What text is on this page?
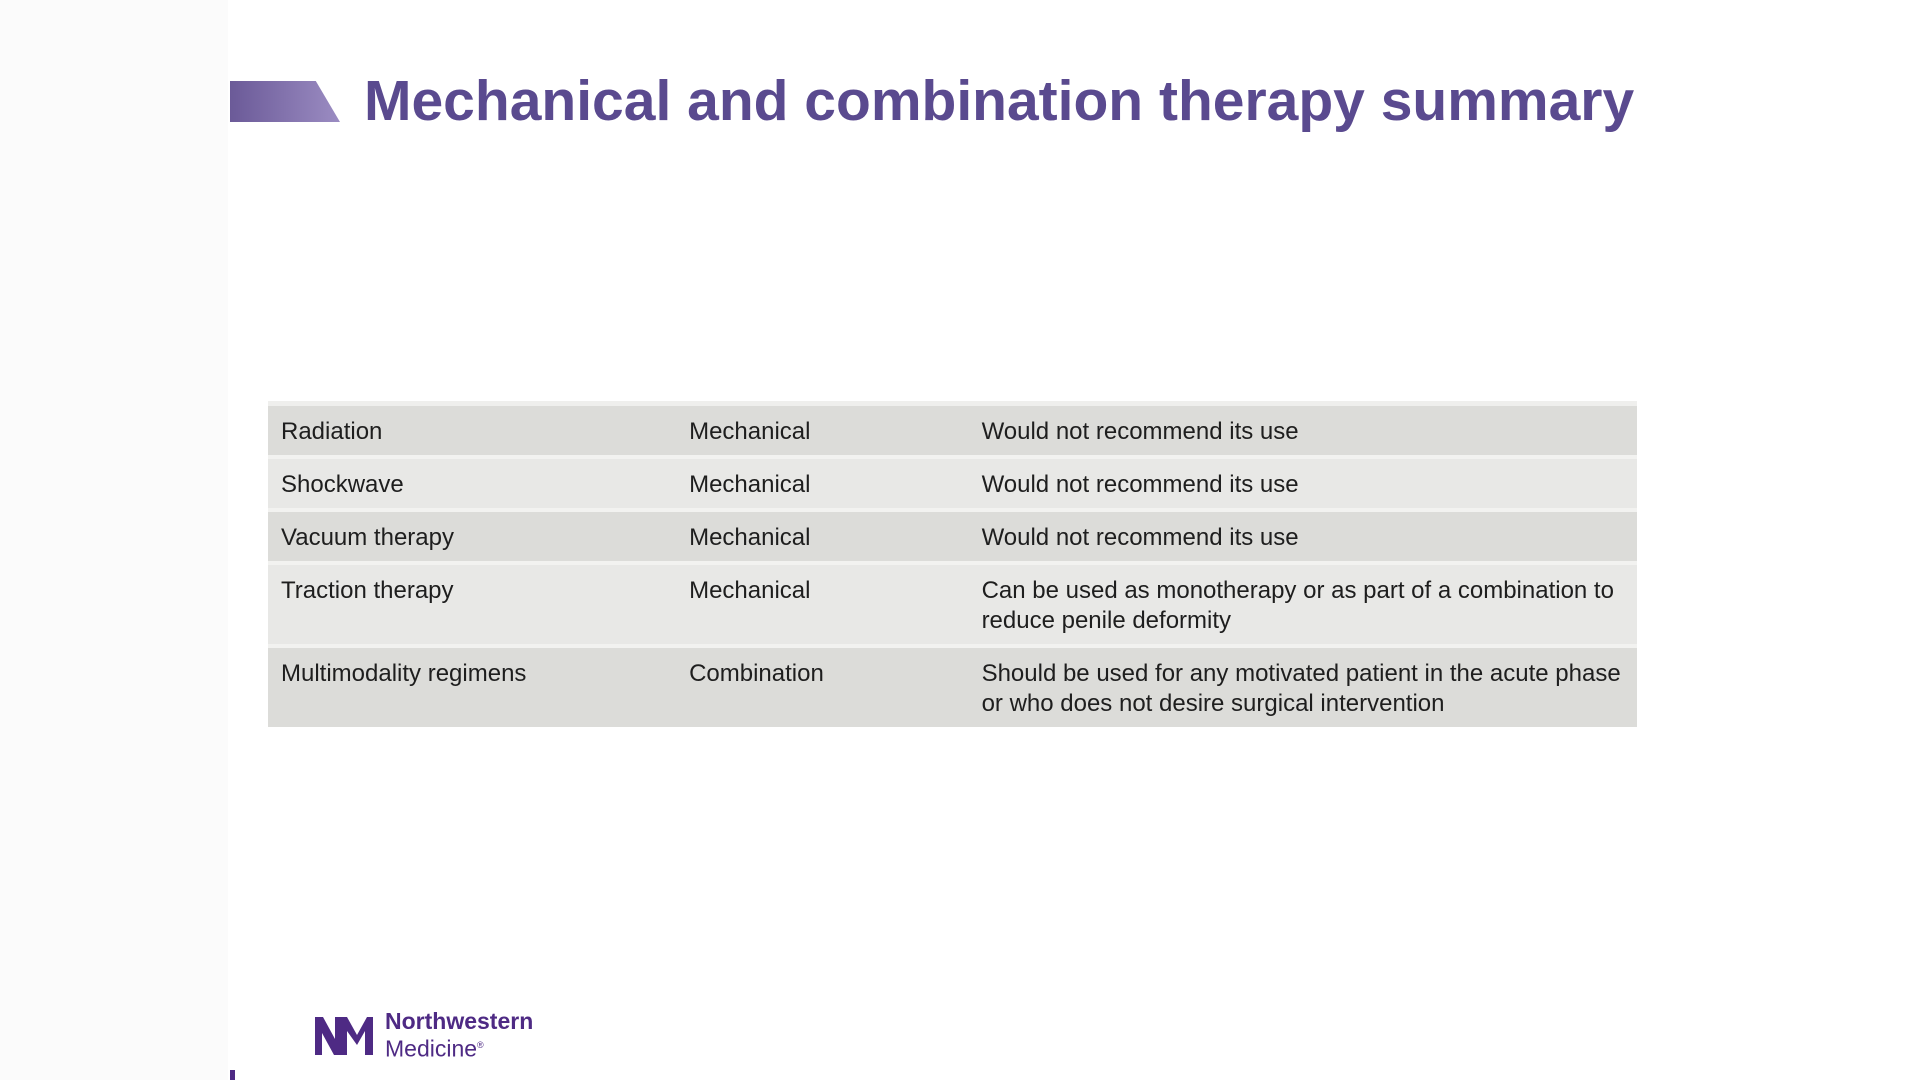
Mechanical and combination therapy summary
Radiation	Mechanical	Would not recommend its use
Shockwave	Mechanical	Would not recommend its use
Vacuum therapy	Mechanical	Would not recommend its use
Traction therapy	Mechanical	Can be used as monotherapy or as part of a combination to reduce penile deformity
Multimodality regimens	Combination	Should be used for any motivated patient in the acute phase or who does not desire surgical intervention
Northwestern
Medicine®
